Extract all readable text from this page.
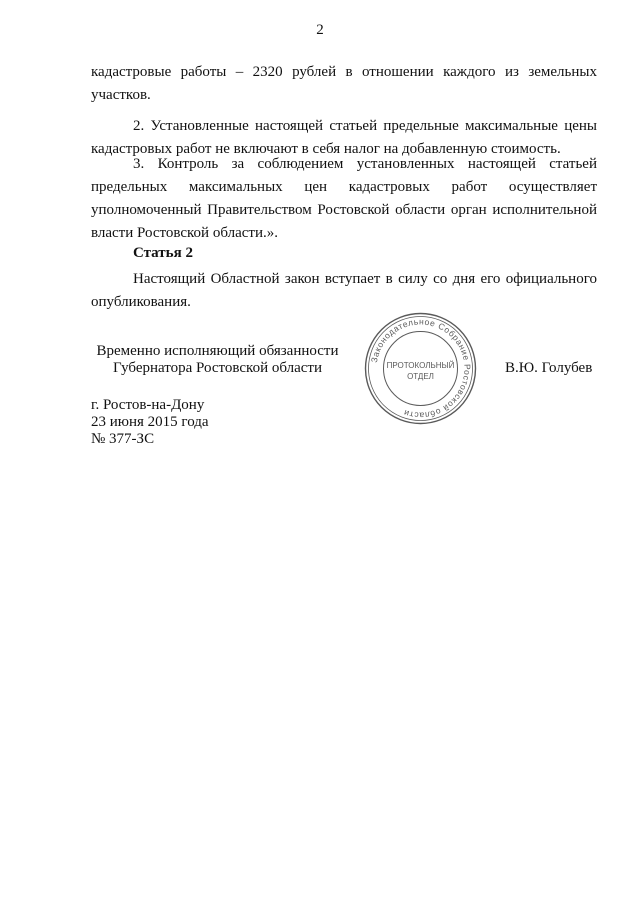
2

кадастровые работы – 2320 рублей в отношении каждого из земельных участков.

2. Установленные настоящей статьей предельные максимальные цены кадастровых работ не включают в себя налог на добавленную стоимость.

3. Контроль за соблюдением установленных настоящей статьей предельных максимальных цен кадастровых работ осуществляет уполномоченный Правительством Ростовской области орган исполнительной власти Ростовской области.».

Статья 2

Настоящий Областной закон вступает в силу со дня его официального опубликования.

Временно исполняющий обязанности
Губернатора Ростовской области
Законодательное Собрание Ростовской области
ПРОТОКОЛЬНЫЙ
ОТДЕЛ
В.Ю. Голубев
г. Ростов-на-Дону
23 июня 2015 года
№ 377-ЗС
